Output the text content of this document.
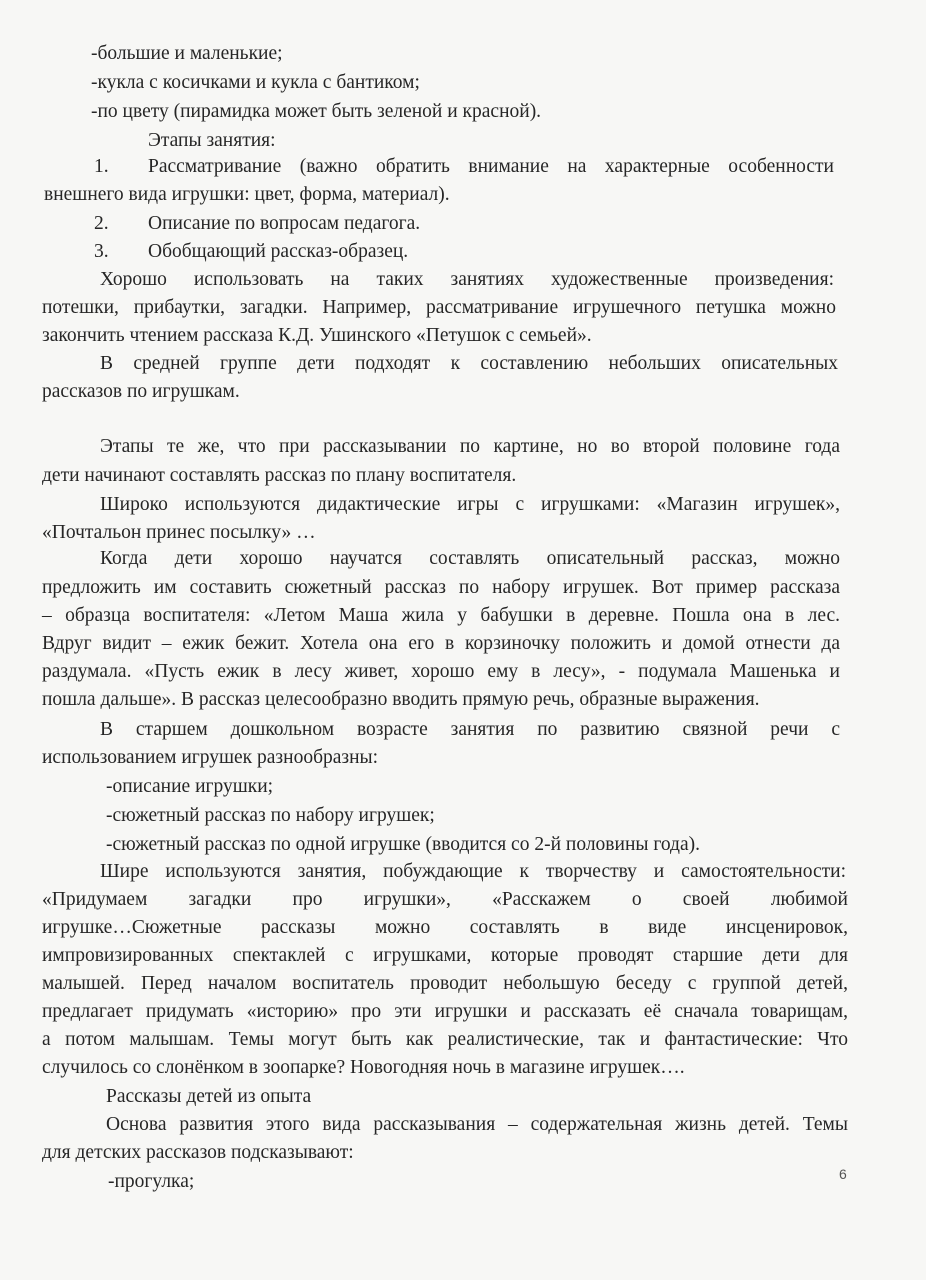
-большие и маленькие;
-кукла с косичками и кукла с бантиком;
-по цвету (пирамидка может быть зеленой и красной).
Этапы занятия:
1. Рассматривание (важно обратить внимание на характерные особенности
внешнего вида игрушки: цвет, форма, материал).
2. Описание по вопросам педагога.
3. Обобщающий рассказ-образец.
Хорошо использовать на таких занятиях художественные произведения:
потешки, прибаутки, загадки. Например, рассматривание игрушечного петушка можно
закончить чтением рассказа К.Д. Ушинского «Петушок с семьей».
В средней группе дети подходят к составлению небольших описательных
рассказов по игрушкам.
Этапы те же, что при рассказывании по картине, но во второй половине года
дети начинают составлять рассказ по плану воспитателя.
Широко используются дидактические игры с игрушками: «Магазин игрушек»,
«Почтальон принес посылку» …
Когда дети хорошо научатся составлять описательный рассказ, можно
предложить им составить сюжетный рассказ по набору игрушек. Вот пример рассказа
– образца воспитателя: «Летом Маша жила у бабушки в деревне. Пошла она в лес.
Вдруг видит – ежик бежит. Хотела она его в корзиночку положить и домой отнести да
раздумала. «Пусть ежик в лесу живет, хорошо ему в лесу», - подумала Машенька и
пошла дальше». В рассказ целесообразно вводить прямую речь, образные выражения.
В старшем дошкольном возрасте занятия по развитию связной речи с
использованием игрушек разнообразны:
-описание игрушки;
-сюжетный рассказ по набору игрушек;
-сюжетный рассказ по одной игрушке (вводится со 2-й половины года).
Шире используются занятия, побуждающие к творчеству и самостоятельности:
«Придумаем загадки про игрушки», «Расскажем о своей любимой
игрушке…Сюжетные рассказы можно составлять в виде инсценировок,
импровизированных спектаклей с игрушками, которые проводят старшие дети для
малышей. Перед началом воспитатель проводит небольшую беседу с группой детей,
предлагает придумать «историю» про эти игрушки и рассказать её сначала товарищам,
а потом малышам. Темы могут быть как реалистические, так и фантастические: Что
случилось со слонёнком в зоопарке? Новогодняя ночь в магазине игрушек….
Рассказы детей из опыта
Основа развития этого вида рассказывания – содержательная жизнь детей. Темы
для детских рассказов подсказывают:
-прогулка;	6
